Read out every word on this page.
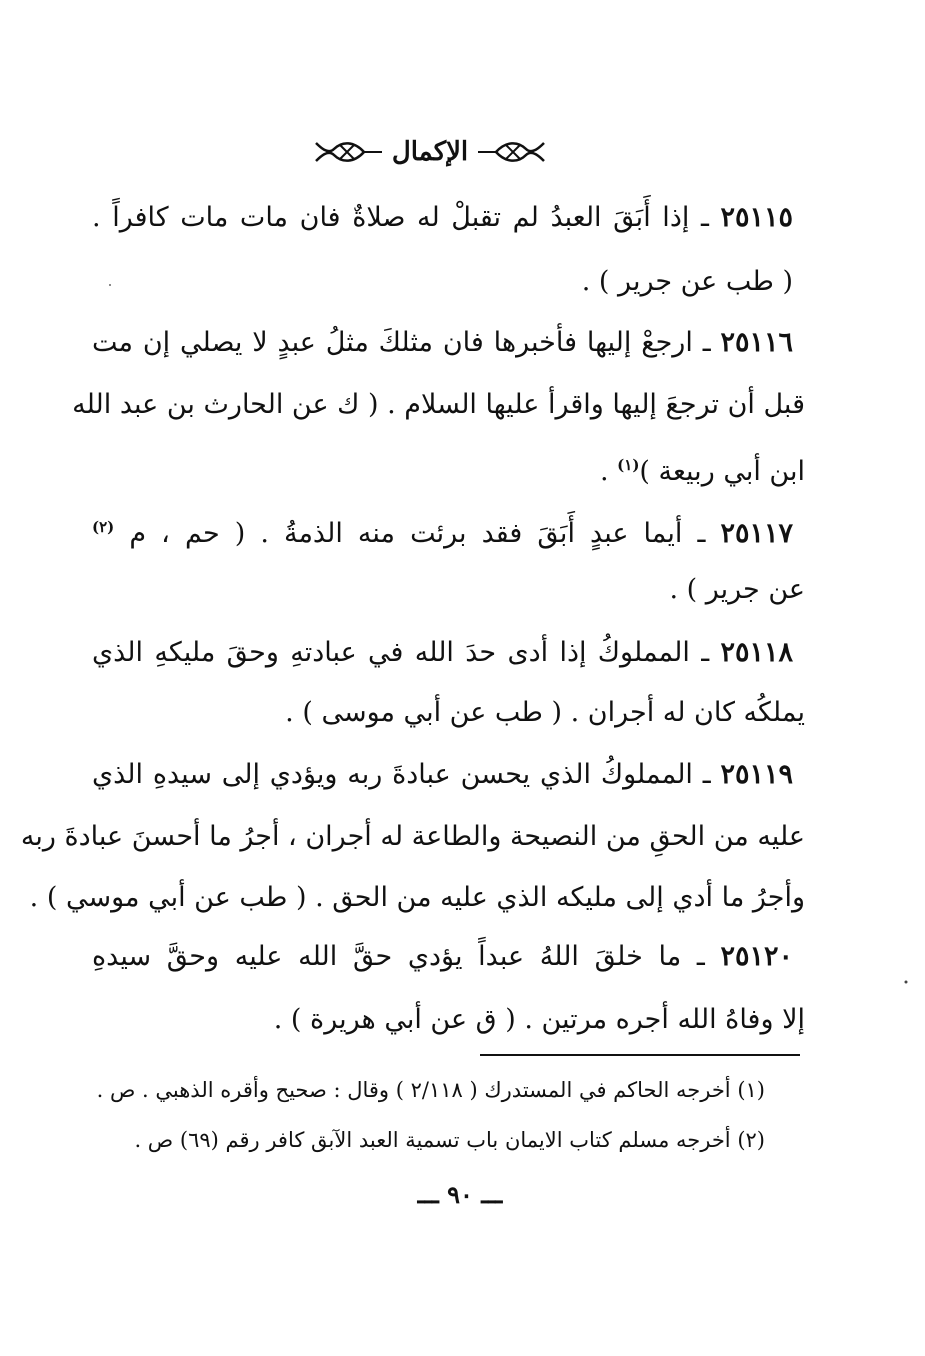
الإكمال
٢٥١١٥ ـ إذا أَبَقَ العبدُ لم تقبلْ له صلاةٌ فان مات مات كافراً .
( طب عن جرير ) .
٢٥١١٦ ـ ارجعْ إليها فأخبرها فان مثلكَ مثلُ عبدٍ لا يصلي إن مت
قبل أن ترجعَ إليها واقرأ عليها السلام . ( ك عن الحارث بن عبد الله
ابن أبي ربيعة )$^{(١)}$ .
٢٥١١٧ ـ أيما عبدٍ أَبَقَ فقد برئت منه الذمةُ . ( حم ، م $^{(٢)}$
عن جرير ) .
٢٥١١٨ ـ المملوكُ إذا أدى حدَ الله في عبادتهِ وحقَ مليكهِ الذي
يملكُه كان له أجران . ( طب عن أبي موسى ) .
٢٥١١٩ ـ المملوكُ الذي يحسن عبادةَ ربه ويؤدي إلى سيدهِ الذي
عليه من الحقِ من النصيحة والطاعة له أجران ، أجرُ ما أحسنَ عبادةَ ربه
وأجرُ ما أدي إلى مليكه الذي عليه من الحق . ( طب عن أبي موسي ) .
٢٥١٢٠ ـ ما خلقَ اللهُ عبداً يؤدي حقَّ الله عليه وحقَّ سيدهِ
إلا وفاهُ الله أجره مرتين . ( ق عن أبي هريرة ) .
(١) أخرجه الحاكم في المستدرك ( ٢/١١٨ ) وقال : صحيح وأقره الذهبي . ص .
(٢) أخرجه مسلم كتاب الايمان باب تسمية العبد الآبق كافر رقم (٦٩) ص .
ـــ ٩٠ ـــ
